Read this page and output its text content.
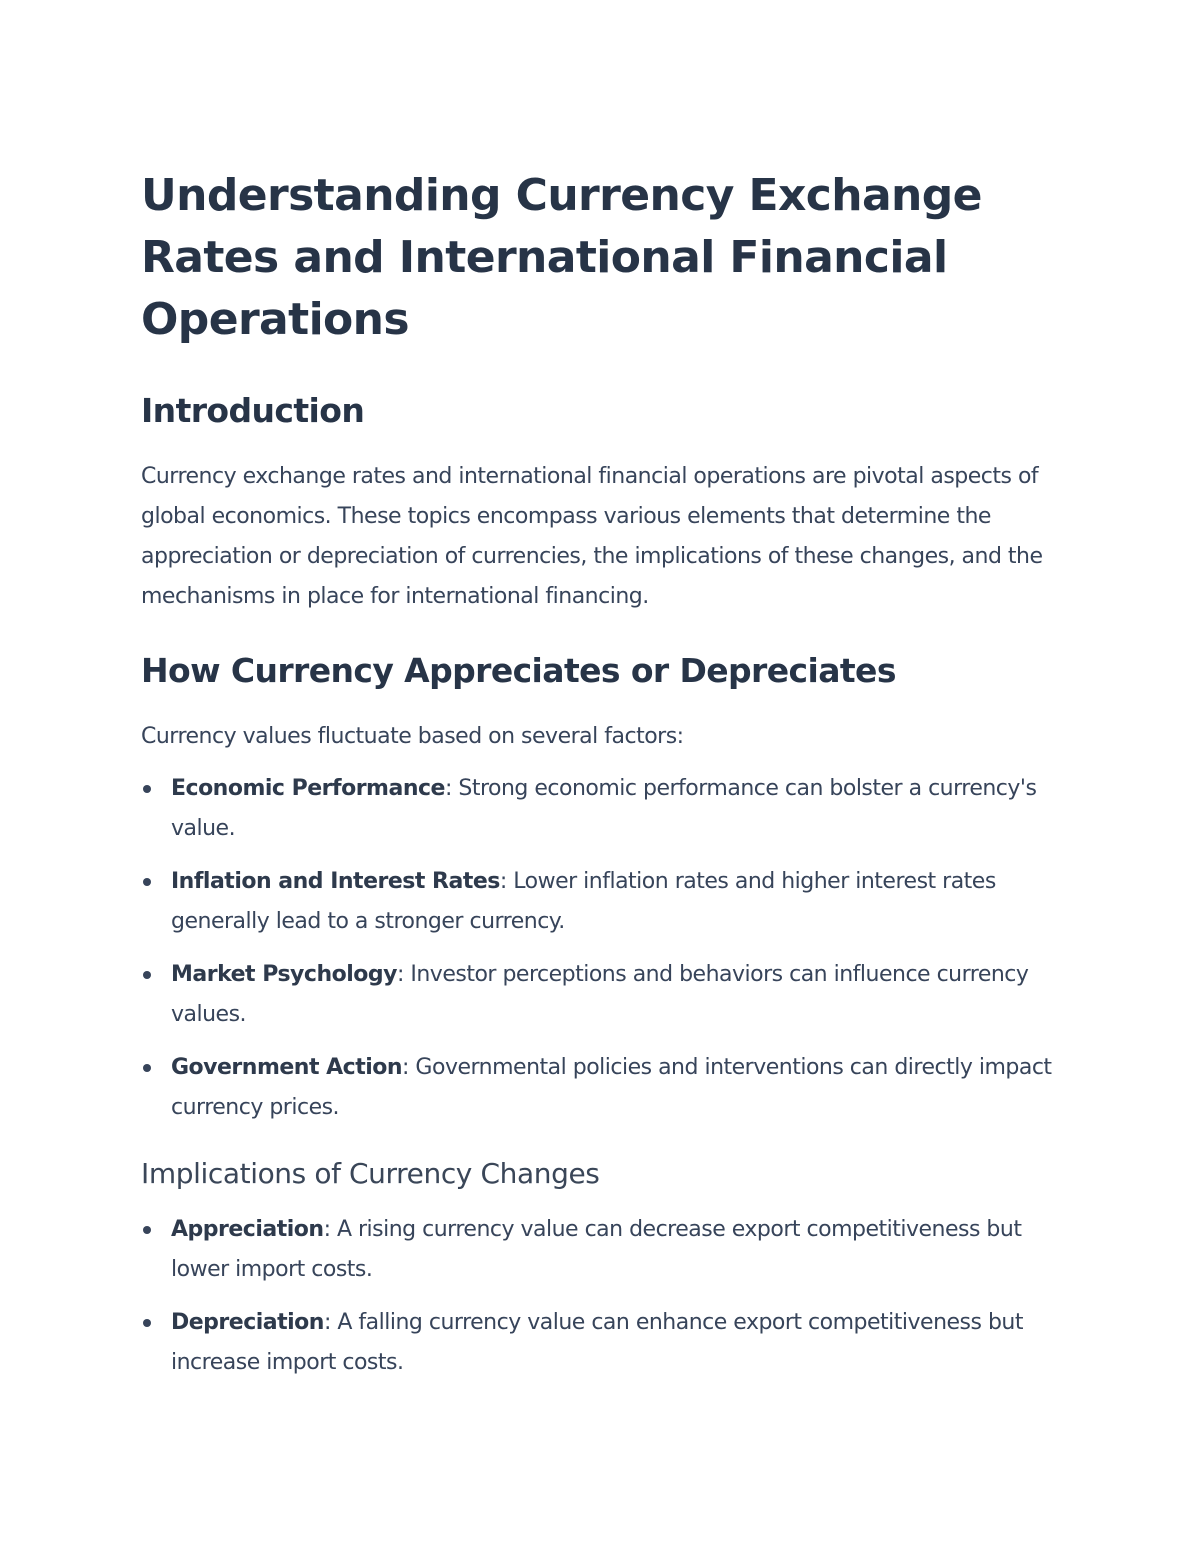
Understanding Currency Exchange Rates and International Financial Operations
Introduction

Currency exchange rates and international financial operations are pivotal aspects of global economics. These topics encompass various elements that determine the appreciation or depreciation of currencies, the implications of these changes, and the mechanisms in place for international financing.

How Currency Appreciates or Depreciates

Currency values fluctuate based on several factors:

Economic Performance: Strong economic performance can bolster a currency's value.
Inflation and Interest Rates: Lower inflation rates and higher interest rates generally lead to a stronger currency.
Market Psychology: Investor perceptions and behaviors can influence currency values.
Government Action: Governmental policies and interventions can directly impact currency prices.
Implications of Currency Changes
Appreciation: A rising currency value can decrease export competitiveness but lower import costs.
Depreciation: A falling currency value can enhance export competitiveness but increase import costs.
